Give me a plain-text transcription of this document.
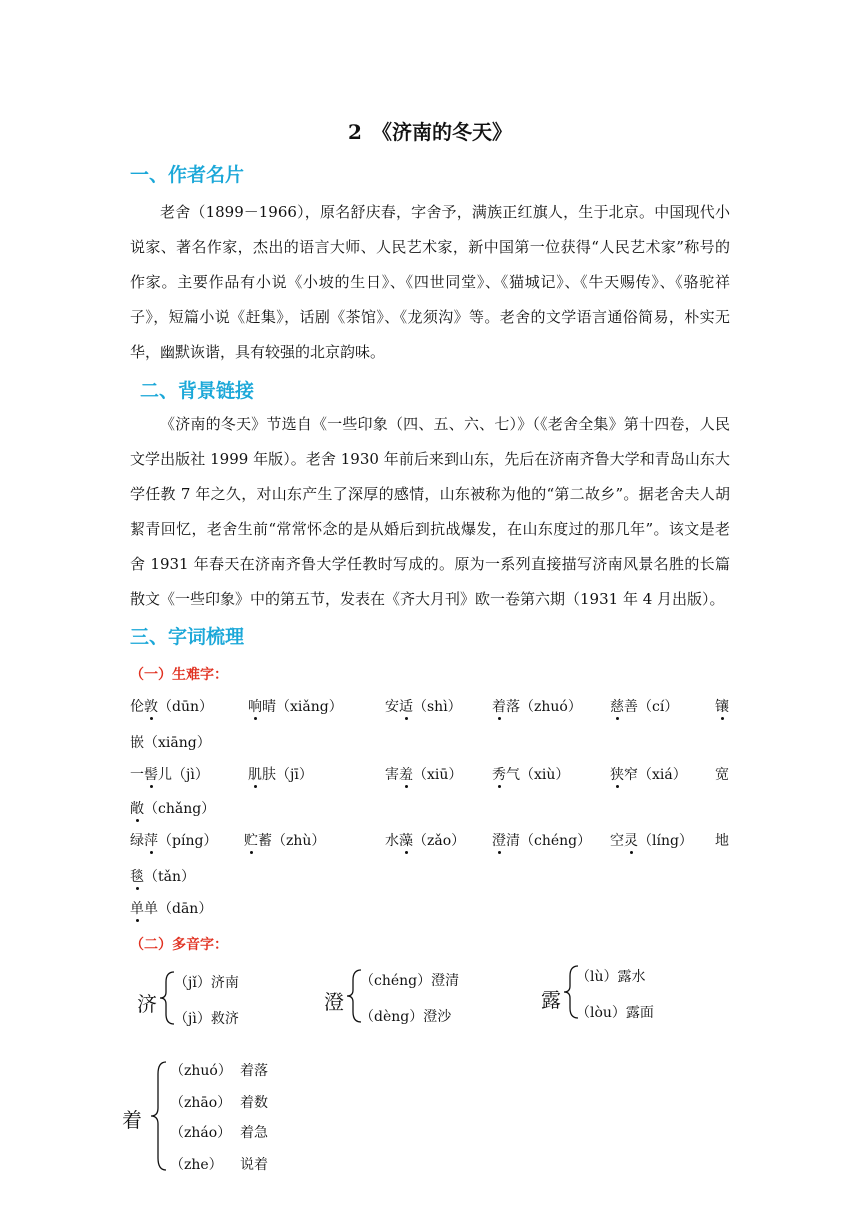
2　《济南的冬天》
一、作者名片

老舍（1899－1966），原名舒庆春，字舍予，满族正红旗人，生于北京。中国现代小说家、著名作家，杰出的语言大师、人民艺术家，新中国第一位获得“人民艺术家”称号的作家。主要作品有小说《小坡的生日》、《四世同堂》、《猫城记》、《牛天赐传》、《骆驼祥子》，短篇小说《赶集》，话剧《茶馆》、《龙须沟》等。老舍的文学语言通俗简易，朴实无华，幽默诙谐，具有较强的北京韵味。

二、背景链接

《济南的冬天》节选自《一些印象（四、五、六、七）》（《老舍全集》第十四卷，人民文学出版社 1999 年版）。老舍 1930 年前后来到山东，先后在济南齐鲁大学和青岛山东大学任教 7 年之久，对山东产生了深厚的感情，山东被称为他的“第二故乡”。据老舍夫人胡絜青回忆，老舍生前“常常怀念的是从婚后到抗战爆发，在山东度过的那几年”。该文是老舍 1931 年春天在济南齐鲁大学任教时写成的。原为一系列直接描写济南风景名胜的长篇散文《一些印象》中的第五节，发表在《齐大月刊》欧一卷第六期（1931 年 4 月出版）。

三、字词梳理
（一）生难字：
伦敦（dūn）	响晴（xiǎng）	安适（shì） 着落（zhuó） 慈善（cí）	镶
嵌（xiāng）
一髻儿（jì）	肌肤（jī）	害羞（xiū） 秀气（xiù）	狭窄（xiá） 宽
敞（chǎng）
绿萍（píng） 贮蓄（zhù）	水藻（zǎo） 澄清（chéng） 空灵（líng） 地
毯（tǎn）
单单（dān）
（二）多音字：
济
（jǐ）济南
（jì）救济
澄
（chéng）澄清
（dèng）澄沙
露
（lù）露水
（lòu）露面
着
（zhuó） 着落
（zhāo） 着数
（zháo） 着急
（zhe） 说着
